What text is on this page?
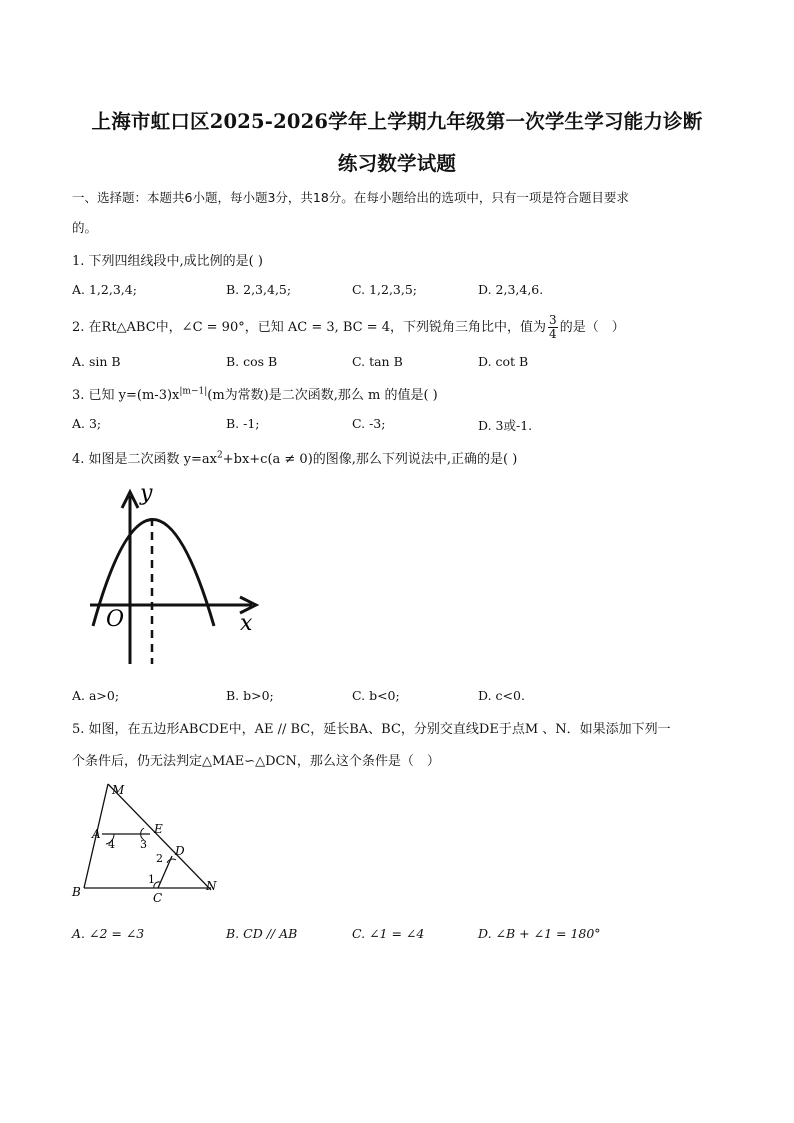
上海市虹口区2025-2026学年上学期九年级第一次学生学习能力诊断
练习数学试题
一、选择题：本题共6小题，每小题3分，共18分。在每小题给出的选项中，只有一项是符合题目要求
的。
1. 下列四组线段中,成比例的是( )
A. 1,2,3,4;	B. 2,3,4,5;	C. 1,2,3,5;	D. 2,3,4,6.
2. 在Rt△ABC中，∠C = 90°，已知 AC = 3, BC = 4，下列锐角三角比中，值为 $\frac{3}{4}$ 的是（　）
A. sin B	B. cos B	C. tan B	D. cot B
3. 已知 $y=(m-3)x^{|m-1|}(m$为常数)是二次函数,那么 m 的值是( )
A. 3;	B. -1;	C. -3;	D. 3或-1.
4. 如图是二次函数 $y=ax^2+bx+c(a \ne 0)$的图像,那么下列说法中,正确的是( )
y
x
O
A. a>0;	B. b>0;	C. b<0;	D. c<0.
5. 如图，在五边形ABCDE中，AE // BC，延长BA、BC，分别交直线DE于点M 、N．如果添加下列一
个条件后，仍无法判定△MAE∽△DCN，那么这个条件是（　）
M
A	E
D
B	C
N
1
2
3
4
A. ∠2 = ∠3	B. CD // AB	C. ∠1 = ∠4	D. ∠B + ∠1 = 180°
